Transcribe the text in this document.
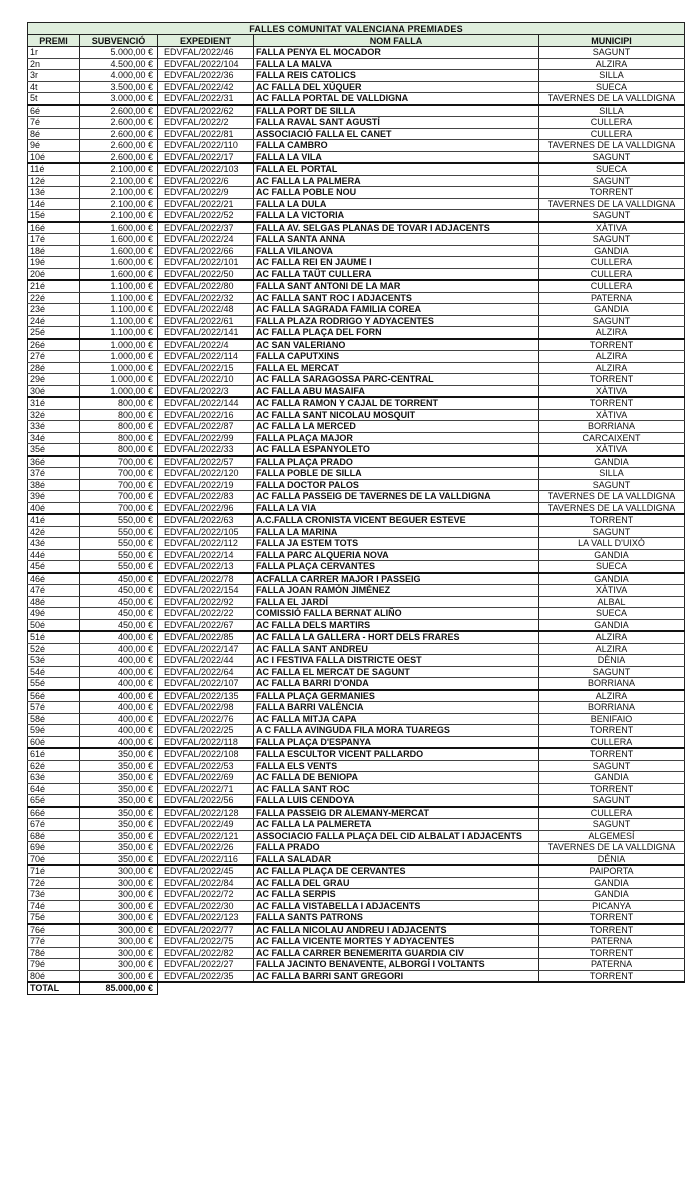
FALLES COMUNITAT VALENCIANA PREMIADES				
PREMI	SUBVENCIÓ	EXPEDIENT	NOM FALLA	MUNICIPI
1r	5.000,00 €	EDVFAL/2022/46	FALLA PENYA EL MOCADOR	SAGUNT
2n	4.500,00 €	EDVFAL/2022/104	FALLA LA MALVA	ALZIRA
3r	4.000,00 €	EDVFAL/2022/36	FALLA REIS CATOLICS	SILLA
4t	3.500,00 €	EDVFAL/2022/42	AC FALLA DEL XÚQUER	SUECA
5t	3.000,00 €	EDVFAL/2022/31	AC FALLA PORTAL DE VALLDIGNA	TAVERNES DE LA VALLDIGNA
6é	2.600,00 €	EDVFAL/2022/62	FALLA PORT DE SILLA	SILLA
7é	2.600,00 €	EDVFAL/2022/2	FALLA RAVAL SANT AGUSTÍ	CULLERA
8é	2.600,00 €	EDVFAL/2022/81	ASSOCIACIÓ FALLA EL CANET	CULLERA
9é	2.600,00 €	EDVFAL/2022/110	FALLA CAMBRO	TAVERNES DE LA VALLDIGNA
10é	2.600,00 €	EDVFAL/2022/17	FALLA LA VILA	SAGUNT
11é	2.100,00 €	EDVFAL/2022/103	FALLA EL PORTAL	SUECA
12é	2.100,00 €	EDVFAL/2022/6	AC FALLA LA PALMERA	SAGUNT
13é	2.100,00 €	EDVFAL/2022/9	AC FALLA POBLE NOU	TORRENT
14é	2.100,00 €	EDVFAL/2022/21	FALLA LA DULA	TAVERNES DE LA VALLDIGNA
15é	2.100,00 €	EDVFAL/2022/52	FALLA LA VICTORIA	SAGUNT
16é	1.600,00 €	EDVFAL/2022/37	FALLA AV. SELGAS PLANAS DE TOVAR I ADJACENTS	XÀTIVA
17é	1.600,00 €	EDVFAL/2022/24	FALLA SANTA ANNA	SAGUNT
18é	1.600,00 €	EDVFAL/2022/66	FALLA VILANOVA	GANDIA
19é	1.600,00 €	EDVFAL/2022/101	AC FALLA REI EN JAUME I	CULLERA
20é	1.600,00 €	EDVFAL/2022/50	AC FALLA TAÜT CULLERA	CULLERA
21é	1.100,00 €	EDVFAL/2022/80	FALLA SANT ANTONI DE LA MAR	CULLERA
22é	1.100,00 €	EDVFAL/2022/32	AC FALLA SANT ROC I ADJACENTS	PATERNA
23é	1.100,00 €	EDVFAL/2022/48	AC FALLA SAGRADA FAMILIA COREA	GANDIA
24é	1.100,00 €	EDVFAL/2022/61	FALLA PLAZA RODRIGO Y ADYACENTES	SAGUNT
25é	1.100,00 €	EDVFAL/2022/141	AC FALLA PLAÇA DEL FORN	ALZIRA
26é	1.000,00 €	EDVFAL/2022/4	AC SAN VALERIANO	TORRENT
27é	1.000,00 €	EDVFAL/2022/114	FALLA CAPUTXINS	ALZIRA
28é	1.000,00 €	EDVFAL/2022/15	FALLA EL MERCAT	ALZIRA
29é	1.000,00 €	EDVFAL/2022/10	AC FALLA SARAGOSSA PARC-CENTRAL	TORRENT
30é	1.000,00 €	EDVFAL/2022/3	AC FALLA ABU MASAIFA	XÀTIVA
31é	800,00 €	EDVFAL/2022/144	AC FALLA RAMON Y CAJAL DE TORRENT	TORRENT
32é	800,00 €	EDVFAL/2022/16	AC FALLA SANT NICOLAU MOSQUIT	XÀTIVA
33é	800,00 €	EDVFAL/2022/87	AC FALLA LA MERCED	BORRIANA
34é	800,00 €	EDVFAL/2022/99	FALLA PLAÇA MAJOR	CARCAIXENT
35é	800,00 €	EDVFAL/2022/33	AC FALLA ESPANYOLETO	XÀTIVA
36é	700,00 €	EDVFAL/2022/57	FALLA PLAÇA PRADO	GANDIA
37é	700,00 €	EDVFAL/2022/120	FALLA POBLE DE SILLA	SILLA
38é	700,00 €	EDVFAL/2022/19	FALLA DOCTOR PALOS	SAGUNT
39é	700,00 €	EDVFAL/2022/83	AC FALLA PASSEIG DE TAVERNES DE LA VALLDIGNA	TAVERNES DE LA VALLDIGNA
40é	700,00 €	EDVFAL/2022/96	FALLA LA VIA	TAVERNES DE LA VALLDIGNA
41é	550,00 €	EDVFAL/2022/63	A.C.FALLA CRONISTA VICENT BEGUER ESTEVE	TORRENT
42é	550,00 €	EDVFAL/2022/105	FALLA LA MARINA	SAGUNT
43é	550,00 €	EDVFAL/2022/112	FALLA JA ESTEM TOTS	LA VALL D'UIXÓ
44é	550,00 €	EDVFAL/2022/14	FALLA PARC ALQUERIA NOVA	GANDIA
45é	550,00 €	EDVFAL/2022/13	FALLA PLAÇA CERVANTES	SUECA
46é	450,00 €	EDVFAL/2022/78	ACFALLA CARRER MAJOR I PASSEIG	GANDIA
47é	450,00 €	EDVFAL/2022/154	FALLA JOAN RAMÓN JIMÉNEZ	XÀTIVA
48é	450,00 €	EDVFAL/2022/92	FALLA EL JARDÍ	ALBAL
49é	450,00 €	EDVFAL/2022/22	COMISSIÓ FALLA BERNAT ALIÑO	SUECA
50é	450,00 €	EDVFAL/2022/67	AC FALLA DELS MARTIRS	GANDIA
51é	400,00 €	EDVFAL/2022/85	AC FALLA LA GALLERA - HORT DELS FRARES	ALZIRA
52é	400,00 €	EDVFAL/2022/147	AC FALLA SANT ANDREU	ALZIRA
53é	400,00 €	EDVFAL/2022/44	AC I FESTIVA FALLA DISTRICTE OEST	DÈNIA
54é	400,00 €	EDVFAL/2022/64	AC FALLA EL MERCAT DE SAGUNT	SAGUNT
55é	400,00 €	EDVFAL/2022/107	AC FALLA BARRI D'ONDA	BORRIANA
56é	400,00 €	EDVFAL/2022/135	FALLA PLAÇA GERMANIES	ALZIRA
57é	400,00 €	EDVFAL/2022/98	FALLA BARRI VALÈNCIA	BORRIANA
58é	400,00 €	EDVFAL/2022/76	AC FALLA MITJA CAPA	BENIFAIO
59é	400,00 €	EDVFAL/2022/25	A C FALLA AVINGUDA FILA MORA TUAREGS	TORRENT
60é	400,00 €	EDVFAL/2022/118	FALLA PLAÇA D'ESPANYA	CULLERA
61é	350,00 €	EDVFAL/2022/108	FALLA ESCULTOR VICENT PALLARDO	TORRENT
62é	350,00 €	EDVFAL/2022/53	FALLA ELS VENTS	SAGUNT
63é	350,00 €	EDVFAL/2022/69	AC FALLA DE BENIOPA	GANDIA
64é	350,00 €	EDVFAL/2022/71	AC FALLA SANT ROC	TORRENT
65é	350,00 €	EDVFAL/2022/56	FALLA LUIS CENDOYA	SAGUNT
66é	350,00 €	EDVFAL/2022/128	FALLA PASSEIG DR ALEMANY-MERCAT	CULLERA
67é	350,00 €	EDVFAL/2022/49	AC FALLA LA PALMERETA	SAGUNT
68é	350,00 €	EDVFAL/2022/121	ASSOCIACIO FALLA PLAÇA DEL CID ALBALAT I ADJACENTS	ALGEMESÍ
69é	350,00 €	EDVFAL/2022/26	FALLA PRADO	TAVERNES DE LA VALLDIGNA
70é	350,00 €	EDVFAL/2022/116	FALLA SALADAR	DÉNIA
71é	300,00 €	EDVFAL/2022/45	AC FALLA PLAÇA DE CERVANTES	PAIPORTA
72é	300,00 €	EDVFAL/2022/84	AC FALLA DEL GRAU	GANDIA
73é	300,00 €	EDVFAL/2022/72	AC FALLA SERPIS	GANDIA
74é	300,00 €	EDVFAL/2022/30	AC FALLA VISTABELLA I ADJACENTS	PICANYA
75é	300,00 €	EDVFAL/2022/123	FALLA SANTS PATRONS	TORRENT
76é	300,00 €	EDVFAL/2022/77	AC FALLA NICOLAU ANDREU I ADJACENTS	TORRENT
77é	300,00 €	EDVFAL/2022/75	AC FALLA VICENTE MORTES Y ADYACENTES	PATERNA
78é	300,00 €	EDVFAL/2022/82	AC FALLA CARRER BENEMERITA GUARDIA CIV	TORRENT
79é	300,00 €	EDVFAL/2022/27	FALLA JACINTO BENAVENTE, ALBORGÍ I VOLTANTS	PATERNA
80é	300,00 €	EDVFAL/2022/35	AC FALLA BARRI SANT GREGORI	TORRENT
TOTAL	85.000,00 €			
